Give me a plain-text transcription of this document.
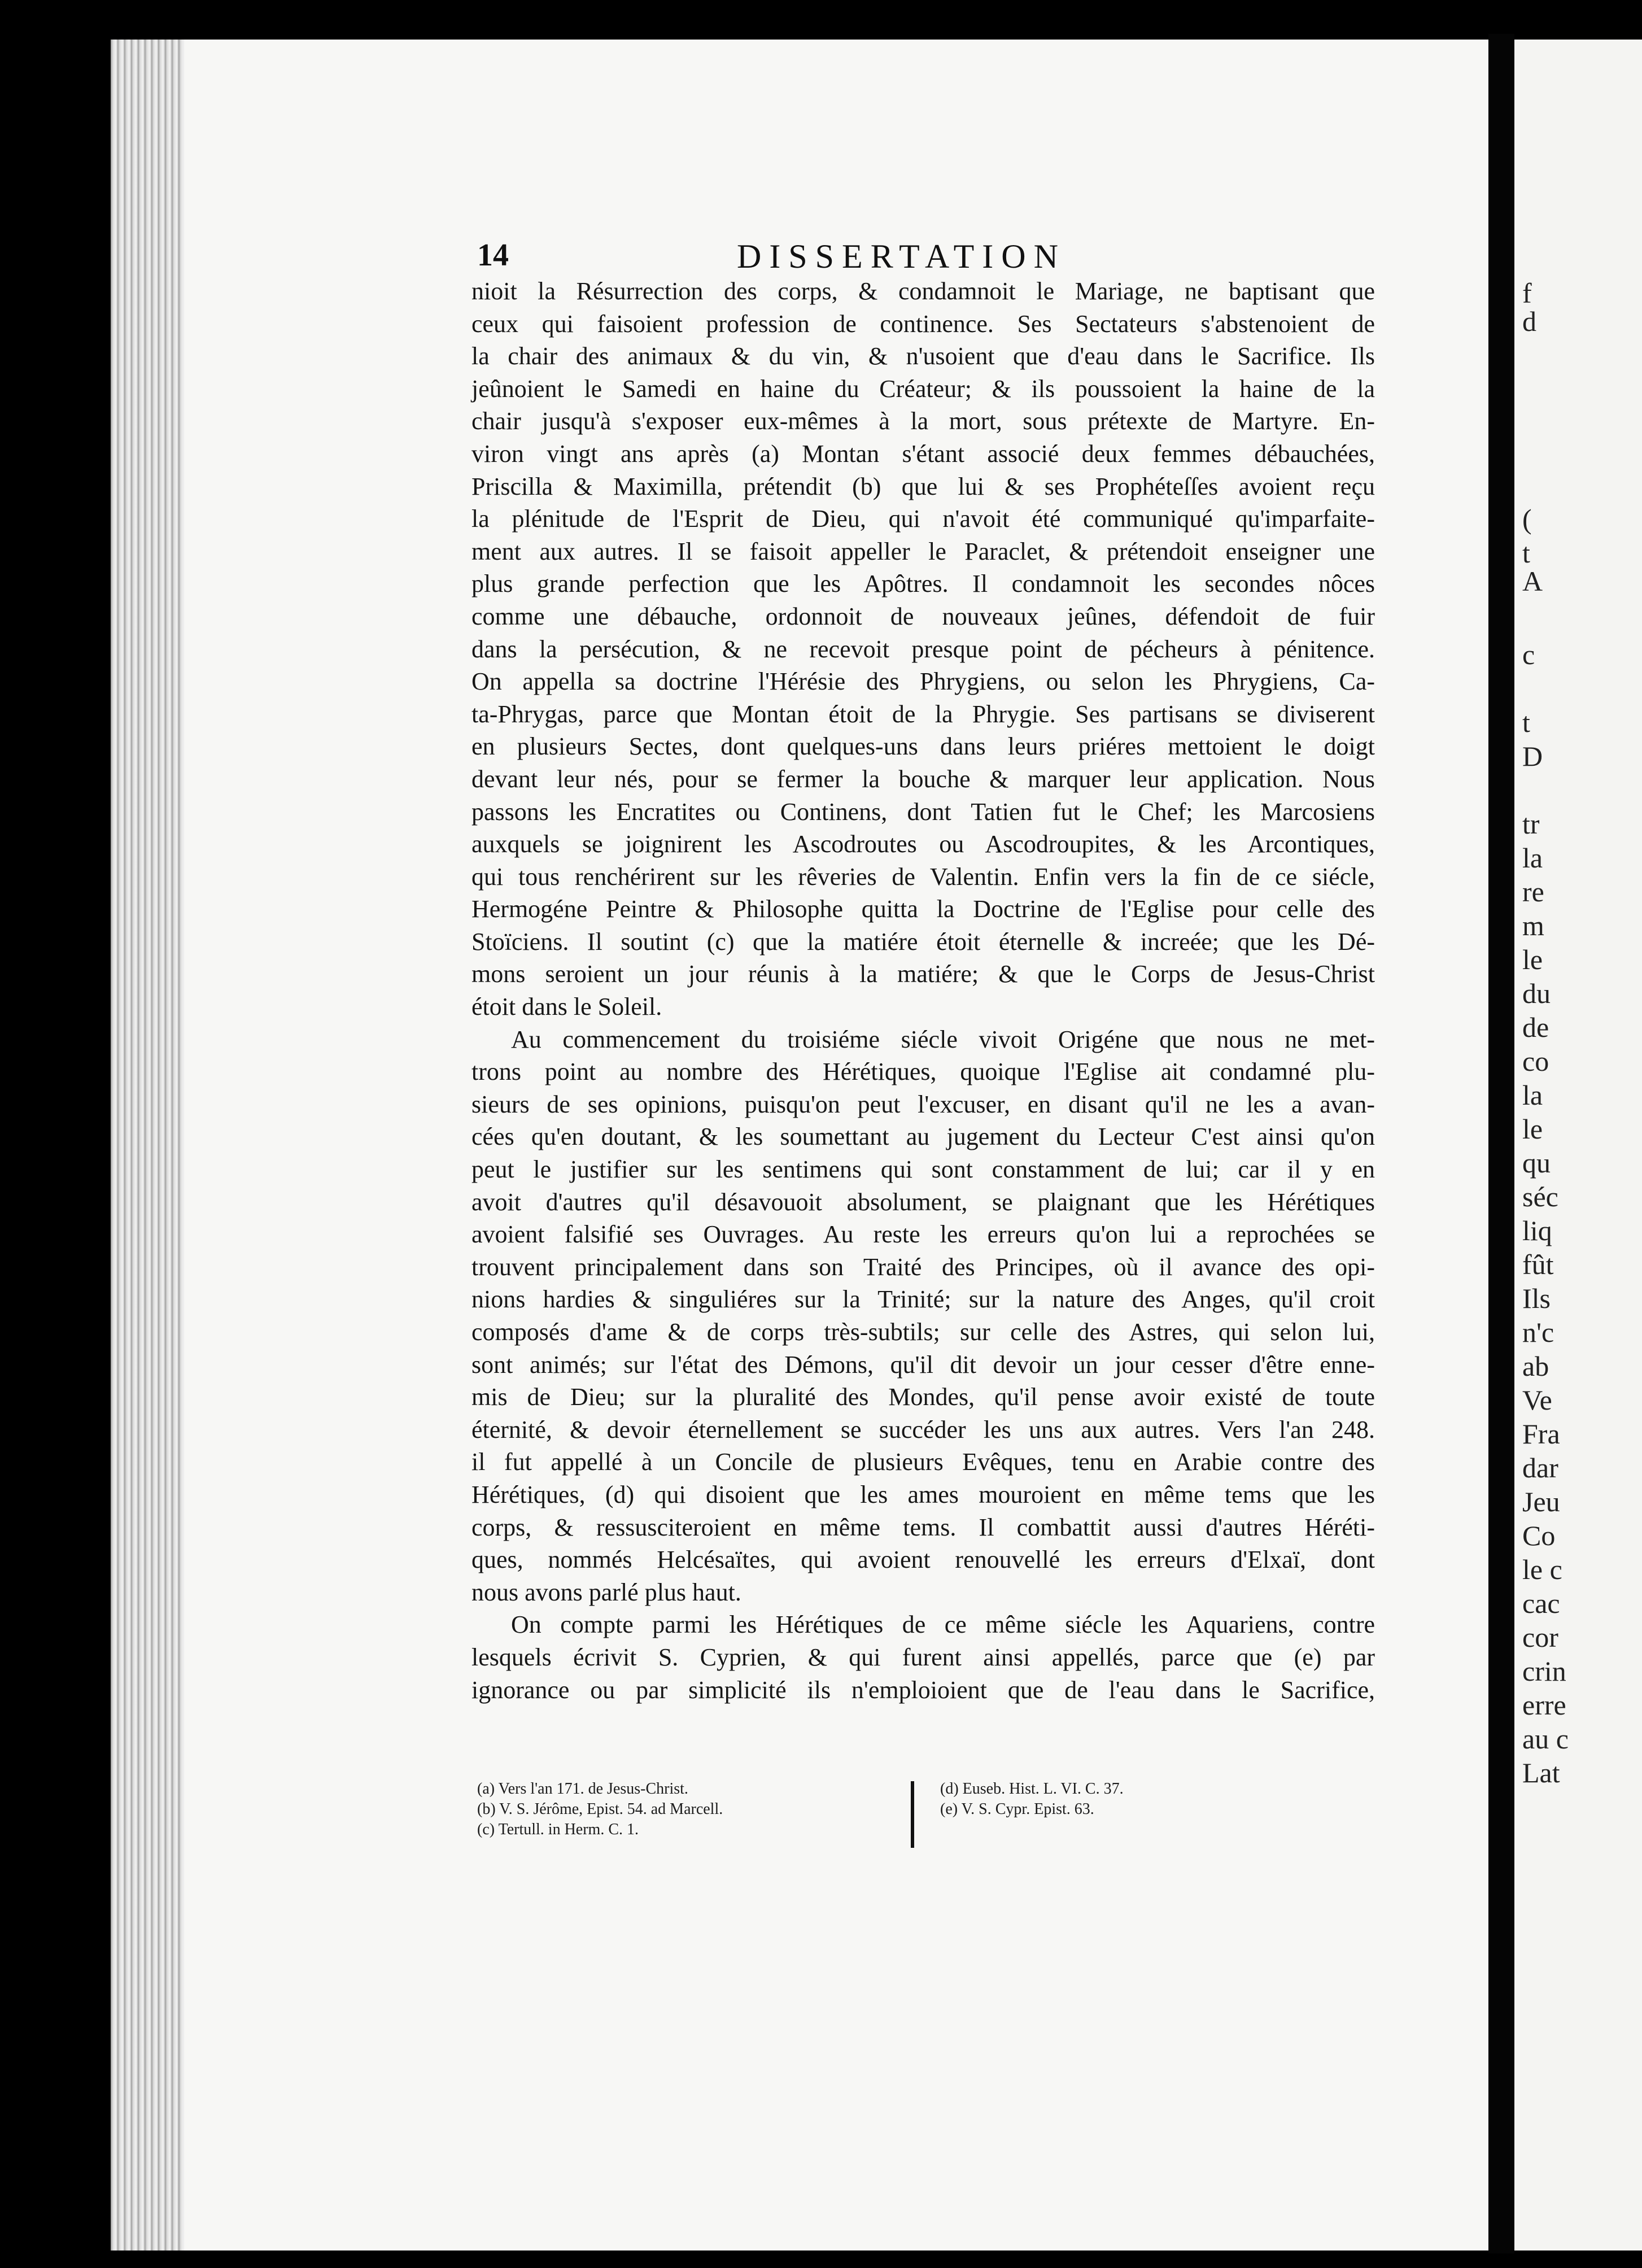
f
d
(
t
A
c
t
D
tr
la
re
m
le
du
de
co
la
le
qu
séc
liq
fût
Ils
n'c
ab
Ve
Fra
dar
Jeu
Co
le c
cac
cor
crin
erre
au c
Lat
14	DISSERTATION
nioit la Résurrection des corps, & condamnoit le Mariage, ne baptisant que
ceux qui faisoient profession de continence. Ses Sectateurs s'abstenoient de
la chair des animaux & du vin, & n'usoient que d'eau dans le Sacrifice. Ils
jeûnoient le Samedi en haine du Créateur; & ils poussoient la haine de la
chair jusqu'à s'exposer eux-mêmes à la mort, sous prétexte de Martyre. En-
viron vingt ans après (a) Montan s'étant associé deux femmes débauchées,
Priscilla & Maximilla, prétendit (b) que lui & ses Prophéteſſes avoient reçu
la plénitude de l'Esprit de Dieu, qui n'avoit été communiqué qu'imparfaite-
ment aux autres. Il se faisoit appeller le Paraclet, & prétendoit enseigner une
plus grande perfection que les Apôtres. Il condamnoit les secondes nôces
comme une débauche, ordonnoit de nouveaux jeûnes, défendoit de fuir
dans la persécution, & ne recevoit presque point de pécheurs à pénitence.
On appella sa doctrine l'Hérésie des Phrygiens, ou selon les Phrygiens, Ca-
ta-Phrygas, parce que Montan étoit de la Phrygie. Ses partisans se diviserent
en plusieurs Sectes, dont quelques-uns dans leurs priéres mettoient le doigt
devant leur nés, pour se fermer la bouche & marquer leur application. Nous
passons les Encratites ou Continens, dont Tatien fut le Chef; les Marcosiens
auxquels se joignirent les Ascodroutes ou Ascodroupites, & les Arcontiques,
qui tous renchérirent sur les rêveries de Valentin. Enfin vers la fin de ce siécle,
Hermogéne Peintre & Philosophe quitta la Doctrine de l'Eglise pour celle des
Stoïciens. Il soutint (c) que la matiére étoit éternelle & increée; que les Dé-
mons seroient un jour réunis à la matiére; & que le Corps de Jesus-Christ
étoit dans le Soleil.
Au commencement du troisiéme siécle vivoit Origéne que nous ne met-
trons point au nombre des Hérétiques, quoique l'Eglise ait condamné plu-
sieurs de ses opinions, puisqu'on peut l'excuser, en disant qu'il ne les a avan-
cées qu'en doutant, & les soumettant au jugement du Lecteur C'est ainsi qu'on
peut le justifier sur les sentimens qui sont constamment de lui; car il y en
avoit d'autres qu'il désavouoit absolument, se plaignant que les Hérétiques
avoient falsifié ses Ouvrages. Au reste les erreurs qu'on lui a reprochées se
trouvent principalement dans son Traité des Principes, où il avance des opi-
nions hardies & singuliéres sur la Trinité; sur la nature des Anges, qu'il croit
composés d'ame & de corps très-subtils; sur celle des Astres, qui selon lui,
sont animés; sur l'état des Démons, qu'il dit devoir un jour cesser d'être enne-
mis de Dieu; sur la pluralité des Mondes, qu'il pense avoir existé de toute
éternité, & devoir éternellement se succéder les uns aux autres. Vers l'an 248.
il fut appellé à un Concile de plusieurs Evêques, tenu en Arabie contre des
Hérétiques, (d) qui disoient que les ames mouroient en même tems que les
corps, & ressusciteroient en même tems. Il combattit aussi d'autres Héréti-
ques, nommés Helcésaïtes, qui avoient renouvellé les erreurs d'Elxaï, dont
nous avons parlé plus haut.
On compte parmi les Hérétiques de ce même siécle les Aquariens, contre
lesquels écrivit S. Cyprien, & qui furent ainsi appellés, parce que (e) par
ignorance ou par simplicité ils n'emploioient que de l'eau dans le Sacrifice,
(a) Vers l'an 171. de Jesus-Christ.
(b) V. S. Jérôme, Epist. 54. ad Marcell.
(c) Tertull. in Herm. C. 1.
(d) Euseb. Hist. L. VI. C. 37.
(e) V. S. Cypr. Epist. 63.
